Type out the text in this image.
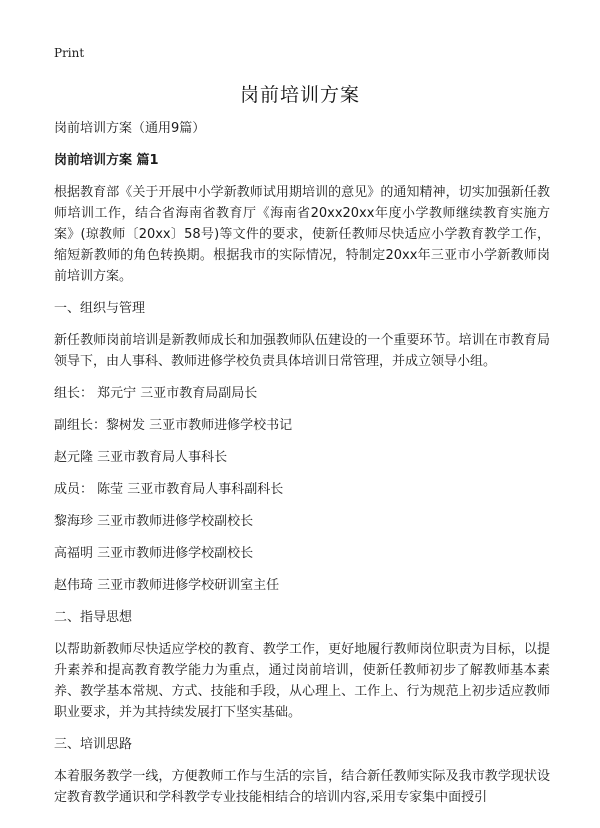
Print
岗前培训方案

岗前培训方案（通用9篇）

岗前培训方案 篇1

根据教育部《关于开展中小学新教师试用期培训的意见》的通知精神，切实加强新任教师培训工作，结合省海南省教育厅《海南省20xx20xx年度小学教师继续教育实施方案》(琼教师〔20xx〕58号)等文件的要求，使新任教师尽快适应小学教育教学工作，缩短新教师的角色转换期。根据我市的实际情况，特制定20xx年三亚市小学新教师岗前培训方案。

一、组织与管理

新任教师岗前培训是新教师成长和加强教师队伍建设的一个重要环节。培训在市教育局领导下，由人事科、教师进修学校负责具体培训日常管理，并成立领导小组。

组长： 郑元宁 三亚市教育局副局长

副组长：黎树发 三亚市教师进修学校书记

赵元隆 三亚市教育局人事科长

成员： 陈莹 三亚市教育局人事科副科长

黎海珍 三亚市教师进修学校副校长

高福明 三亚市教师进修学校副校长

赵伟琦 三亚市教师进修学校研训室主任

二、指导思想

以帮助新教师尽快适应学校的教育、教学工作，更好地履行教师岗位职责为目标，以提升素养和提高教育教学能力为重点，通过岗前培训，使新任教师初步了解教师基本素养、教学基本常规、方式、技能和手段，从心理上、工作上、行为规范上初步适应教师职业要求，并为其持续发展打下坚实基础。

三、培训思路

本着服务教学一线，方便教师工作与生活的宗旨，结合新任教师实际及我市教学现状设定教育教学通识和学科教学专业技能相结合的培训内容,采用专家集中面授引
